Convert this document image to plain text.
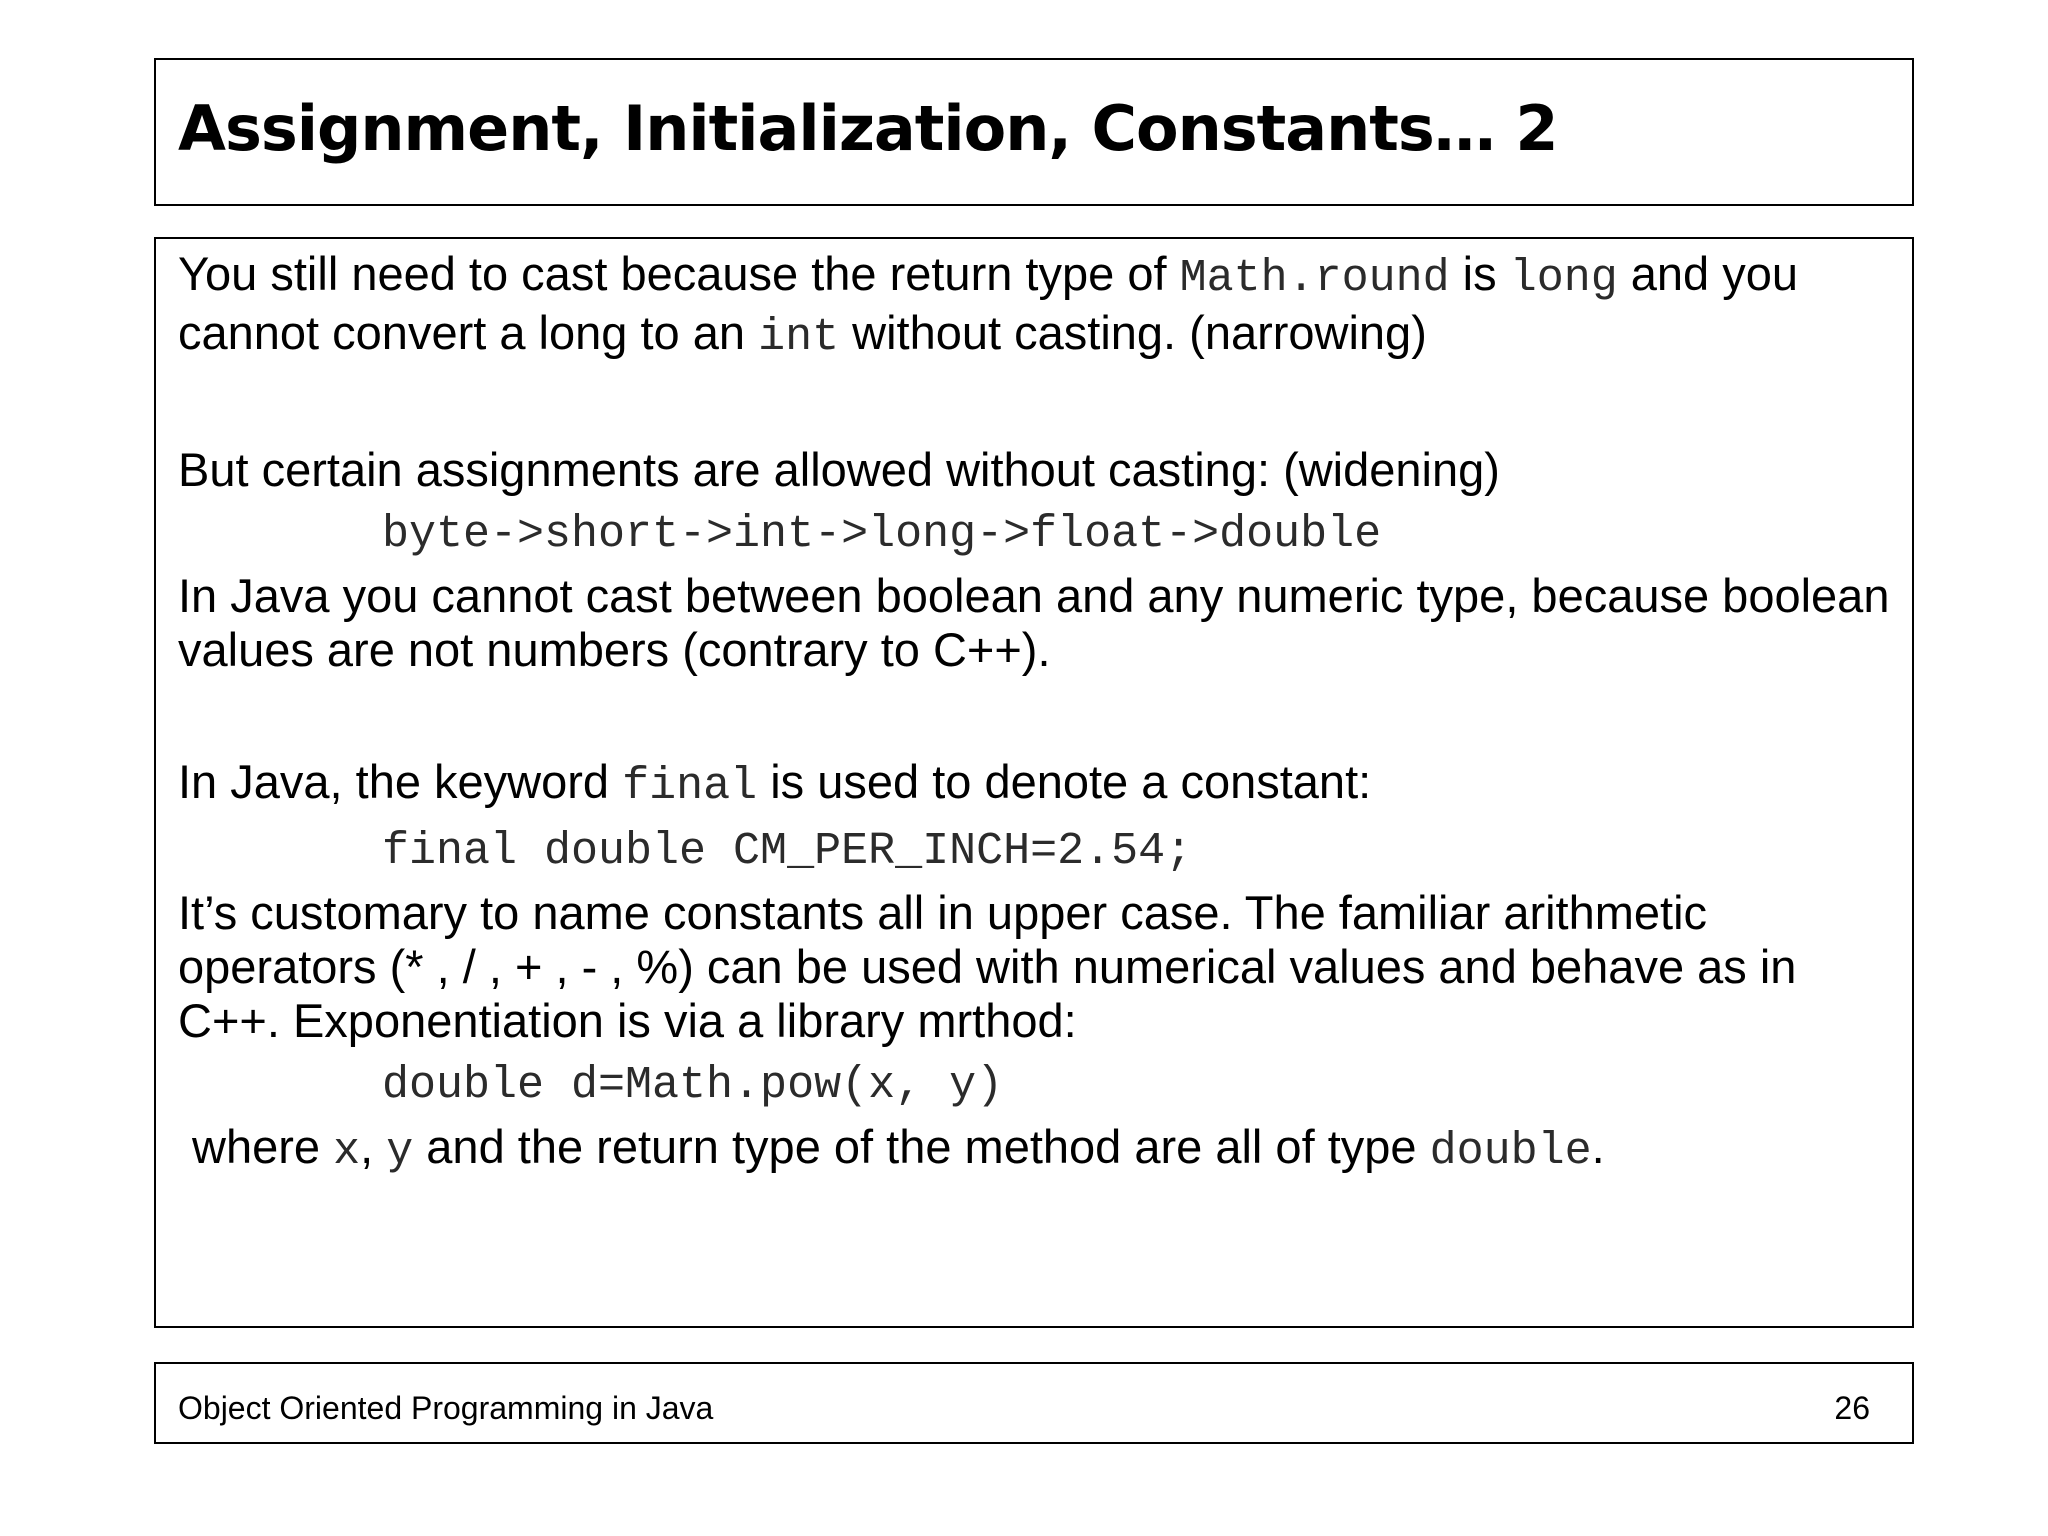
Assignment, Initialization, Constants… 2

You still need to cast because the return type of Math.round is long and you cannot convert a long to an int without casting. (narrowing)

But certain assignments are allowed without casting: (widening)

byte->short->int->long->float->double

In Java you cannot cast between boolean and any numeric type, because boolean values are not numbers (contrary to C++).

In Java, the keyword final is used to denote a constant:

final double CM_PER_INCH=2.54;

It’s customary to name constants all in upper case. The familiar arithmetic operators (* , / , + , - , %) can be used with numerical values and behave as in C++. Exponentiation is via a library mrthod:

double d=Math.pow(x, y)

where x, y and the return type of the method are all of type double.

Object Oriented Programming in Java	26
